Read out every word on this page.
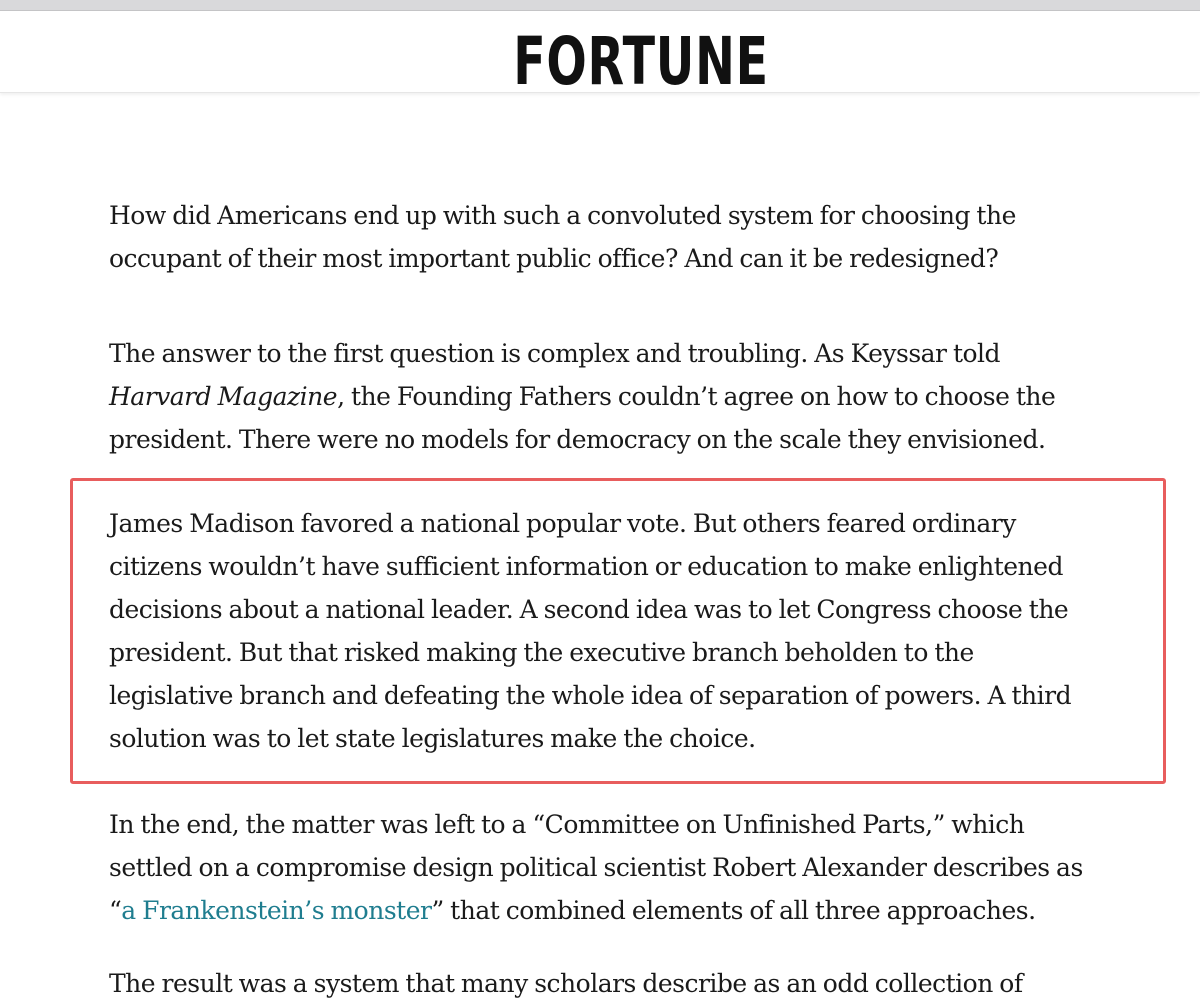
FORTUNE

How did Americans end up with such a convoluted system for choosing the
occupant of their most important public office? And can it be redesigned?

The answer to the first question is complex and troubling. As Keyssar told
Harvard Magazine, the Founding Fathers couldn’t agree on how to choose the
president. There were no models for democracy on the scale they envisioned.

James Madison favored a national popular vote. But others feared ordinary
citizens wouldn’t have sufficient information or education to make enlightened
decisions about a national leader. A second idea was to let Congress choose the
president. But that risked making the executive branch beholden to the
legislative branch and defeating the whole idea of separation of powers. A third
solution was to let state legislatures make the choice.

In the end, the matter was left to a “Committee on Unfinished Parts,” which
settled on a compromise design political scientist Robert Alexander describes as
“a Frankenstein’s monster” that combined elements of all three approaches.

The result was a system that many scholars describe as an odd collection of
